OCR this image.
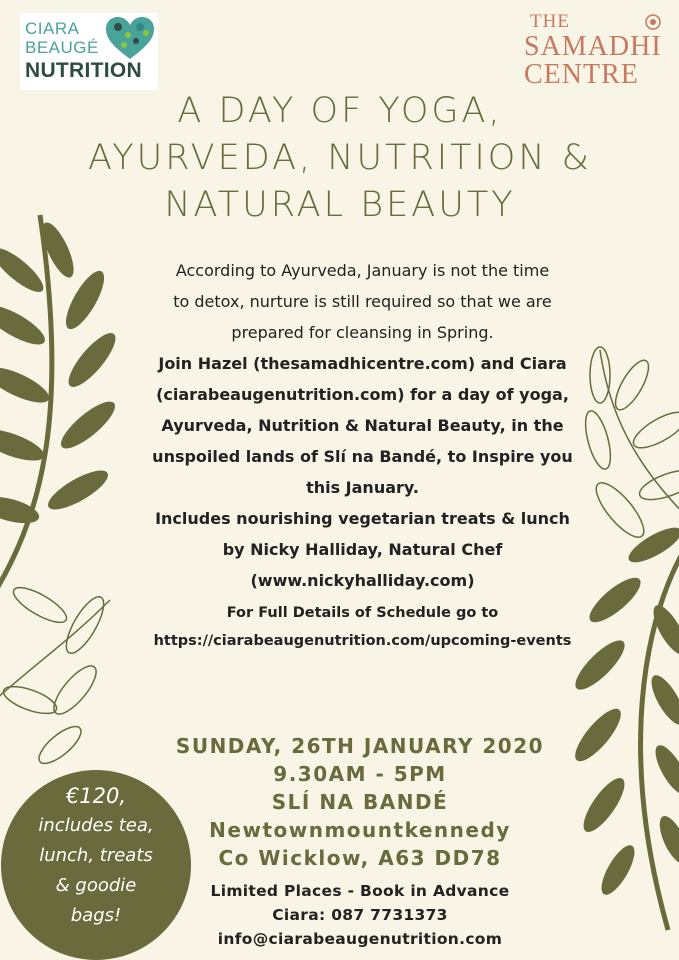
CIARA
BEAUGÉ
NUTRITION
THE
SAMADHI
CENTRE
A DAY OF YOGA,
AYURVEDA, NUTRITION &
NATURAL BEAUTY
According to Ayurveda, January is not the time
to detox, nurture is still required so that we are
prepared for cleansing in Spring.
Join Hazel (thesamadhicentre.com) and Ciara
(ciarabeaugenutrition.com) for a day of yoga,
Ayurveda, Nutrition & Natural Beauty, in the
unspoiled lands of Slí na Bandé, to Inspire you
this January.
Includes nourishing vegetarian treats & lunch
by Nicky Halliday, Natural Chef
(www.nickyhalliday.com)
For Full Details of Schedule go to
https://ciarabeaugenutrition.com/upcoming-events
SUNDAY, 26TH JANUARY 2020
9.30AM - 5PM
SLÍ NA BANDÉ
Newtownmountkennedy
Co Wicklow, A63 DD78
Limited Places - Book in Advance
Ciara: 087 7731373
info@ciarabeaugenutrition.com
€120,
includes tea,
lunch, treats
& goodie
bags!
